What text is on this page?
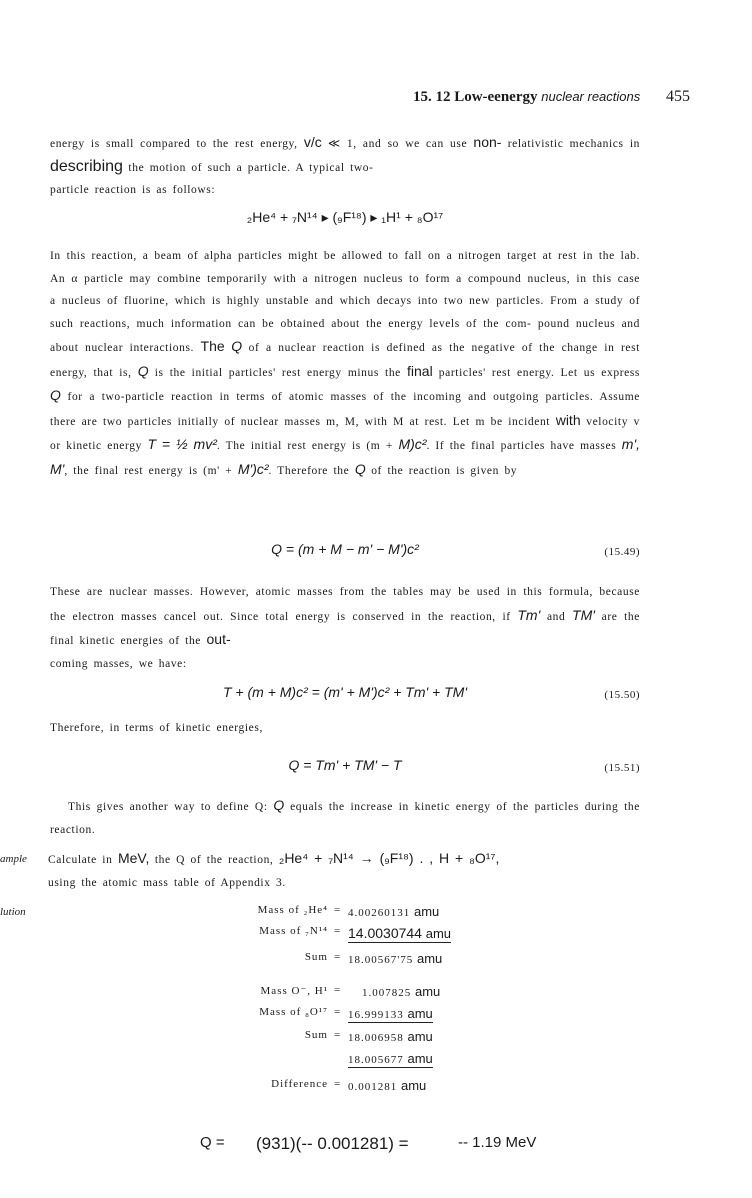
15. 12 Low-eenergy nuclear reactions 455
energy is small compared to the rest energy, v/c ≪ 1, and so we can use non- relativistic mechanics in describing the motion of such a particle. A typical two-
particle reaction is as follows:
₂He⁴ + ₇N¹⁴ ▸ (₉F¹⁸) ▸ ₁H¹ + ₈O¹⁷
In this reaction, a beam of alpha particles might be allowed to fall on a nitrogen target at rest in the lab. An α particle may combine temporarily with a nitrogen nucleus to form a compound nucleus, in this case a nucleus of fluorine, which is highly unstable and which decays into two new particles. From a study of such reactions, much information can be obtained about the energy levels of the com- pound nucleus and about nuclear interactions. The Q of a nuclear reaction is defined as the negative of the change in rest energy, that is, Q is the initial particles' rest energy minus the final particles' rest energy. Let us express Q for a two-particle reaction in terms of atomic masses of the incoming and outgoing particles. Assume there are two particles initially of nuclear masses m, M, with M at rest. Let m be incident with velocity v or kinetic energy T = ½ mv². The initial rest energy is (m + M)c². If the final particles have masses m', M', the final rest energy is (m' + M')c². Therefore the Q of the reaction is given by
Q = (m + M − m' − M')c²	(15.49)
These are nuclear masses. However, atomic masses from the tables may be used in this formula, because the electron masses cancel out. Since total energy is conserved in the reaction, if Tm' and TM' are the final kinetic energies of the out-
coming masses, we have:
T + (m + M)c² = (m' + M')c² + Tm' + TM'	(15.50)
Therefore, in terms of kinetic energies,
Q = Tm' + TM' − T	(15.51)
This gives another way to define Q: Q equals the increase in kinetic energy of the particles during the reaction.
ample Calculate in MeV, the Q of the reaction, ₂He⁴ + ₇N¹⁴ → (₉F¹⁸) . , H + ₈O¹⁷,
using the atomic mass table of Appendix 3.
lution	Mass of ₂He⁴ = 4.00260131 amu
Mass of ₇N¹⁴ = 14.0030744 amu
Sum = 18.00567'75 amu
Mass O⁻, H¹ =	1.007825 amu
Mass of ₈O¹⁷ = 16.999133 amu
Sum = 18.006958 amu
18.005677 amu
Difference = 0.001281 amu
Q = (931)(-- 0.001281) =	-- 1.19 MeV
